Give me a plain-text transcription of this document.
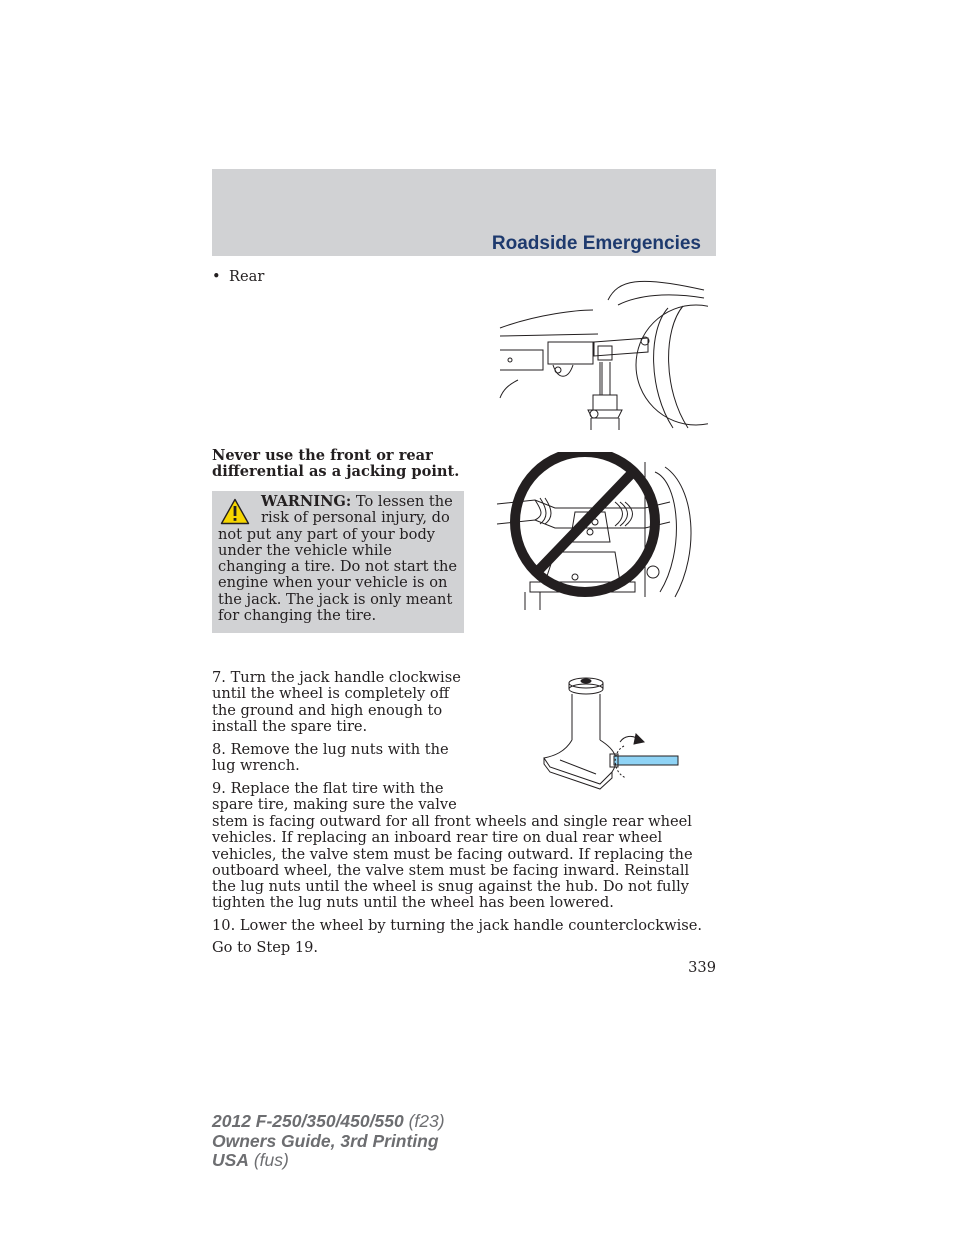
Roadside Emergencies

• Rear

Never use the front or rear differential as a jacking point.

WARNING: To lessen the
risk of personal injury, do not put any part of your body under the vehicle while changing a tire. Do not start the engine when your vehicle is on the jack. The jack is only meant for changing the tire.

7. Turn the jack handle clockwise until the wheel is completely off the ground and high enough to install the spare tire.

8. Remove the lug nuts with the lug wrench.

9. Replace the flat tire with the spare tire, making sure the valve

stem is facing outward for all front wheels and single rear wheel vehicles. If replacing an inboard rear tire on dual rear wheel vehicles, the valve stem must be facing outward. If replacing the outboard wheel, the valve stem must be facing inward. Reinstall the lug nuts until the wheel is snug against the hub. Do not fully tighten the lug nuts until the wheel has been lowered.

10. Lower the wheel by turning the jack handle counterclockwise.

Go to Step 19.

339

2012 F-250/350/450/550 (f23)
Owners Guide, 3rd Printing
USA (fus)
